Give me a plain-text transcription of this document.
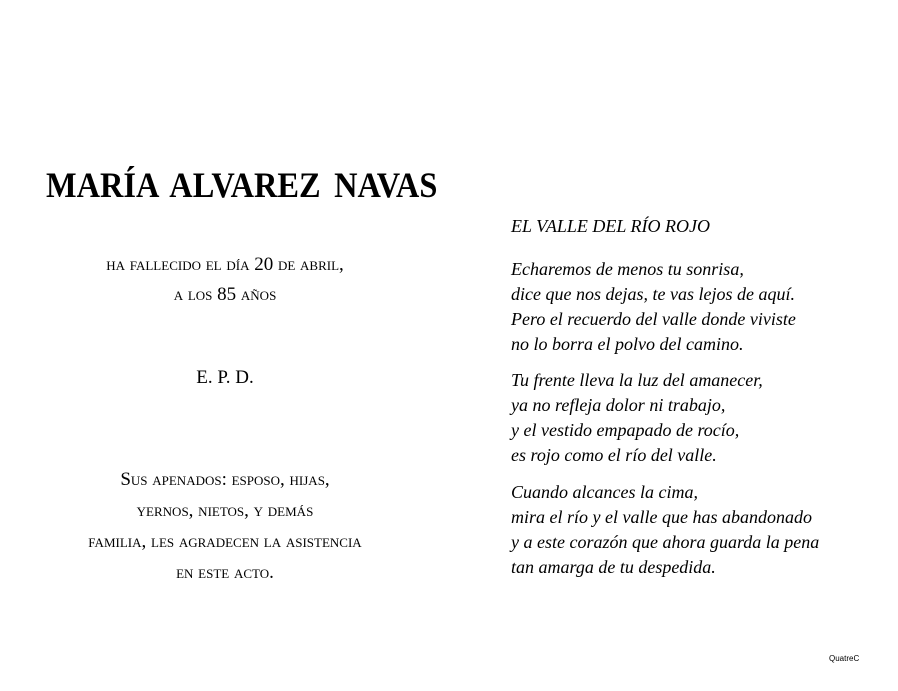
MARÍA ALVAREZ NAVAS
ha fallecido el día 20 de abril,
a los 85 años
E. P. D.
Sus apenados: esposo, hijas,
yernos, nietos, y demás
familia, les agradecen la asistencia
en este acto.
EL VALLE DEL RÍO ROJO
Echaremos de menos tu sonrisa,
dice que nos dejas, te vas lejos de aquí.
Pero el recuerdo del valle donde viviste
no lo borra el polvo del camino.
Tu frente lleva la luz del amanecer,
ya no refleja dolor ni trabajo,
y el vestido empapado de rocío,
es rojo como el río del valle.
Cuando alcances la cima,
mira el río y el valle que has abandonado
y a este corazón que ahora guarda la pena
tan amarga de tu despedida.
QuatreC
